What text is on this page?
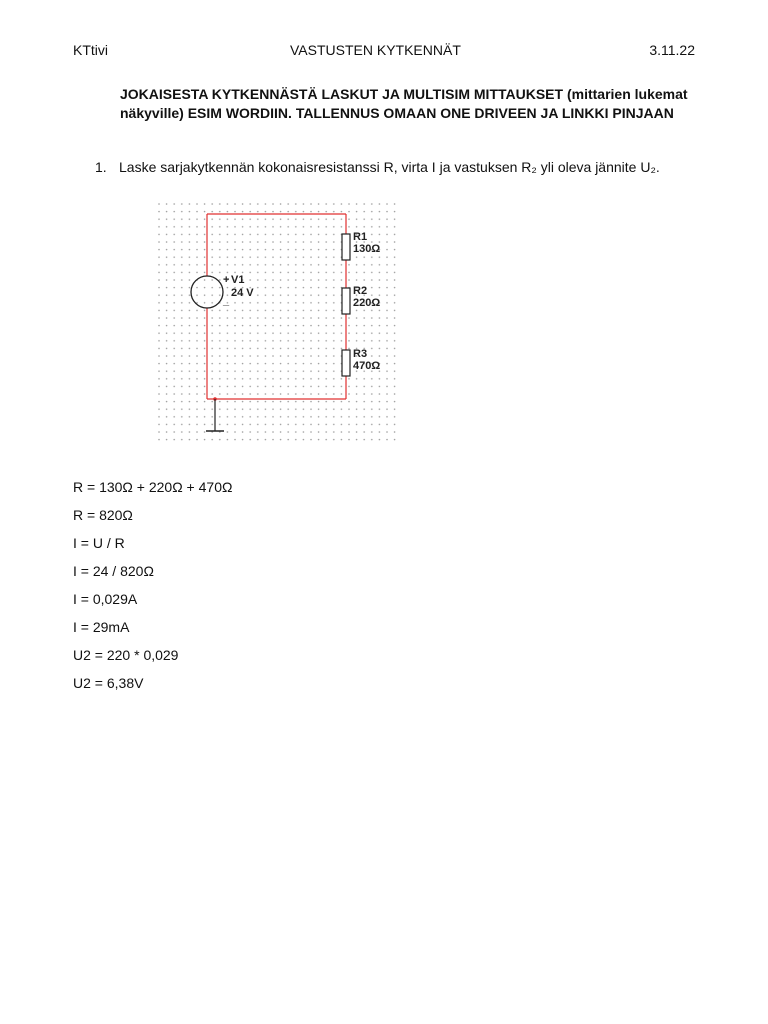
KTtivi	VASTUSTEN KYTKENNÄT	3.11.22
JOKAISESTA KYTKENNÄSTÄ LASKUT JA MULTISIM MITTAUKSET (mittarien lukemat näkyville) ESIM WORDIIN. TALLENNUS OMAAN ONE DRIVEEN JA LINKKI PINJAAN
1. Laske sarjakytkennän kokonaisresistanssi R, virta I ja vastuksen R₂ yli oleva jännite U₂.
+
_
V1
24 V
R1
130Ω
R2
220Ω
R3
470Ω
R = 130Ω + 220Ω + 470Ω
R = 820Ω
I = U / R
I = 24 / 820Ω
I = 0,029A
I = 29mA
U2 = 220 * 0,029
U2 = 6,38V
